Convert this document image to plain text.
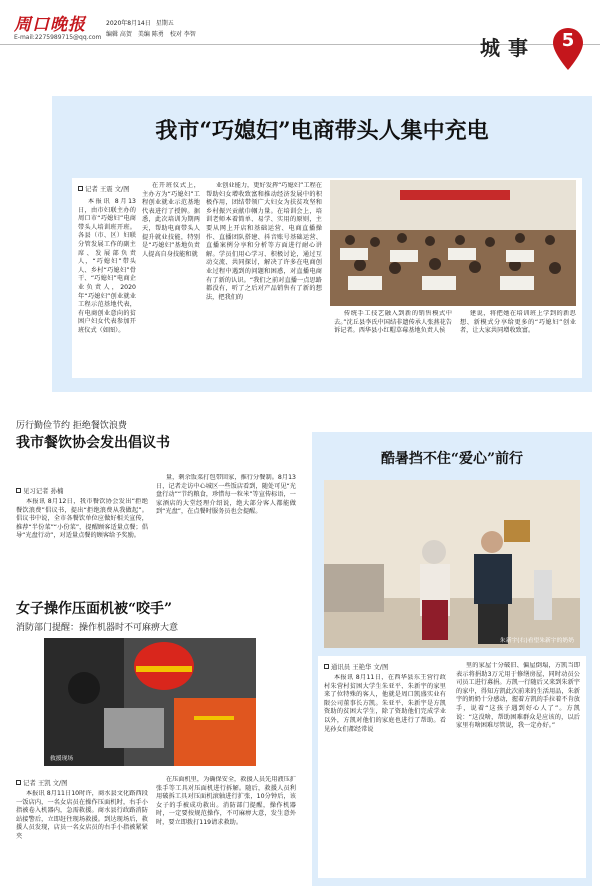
周口晚报
E-mail:2275989715@qq.com
2020年8月14日 星期五
编辑 高贺 美编 陈勇 校对 李智
城事	5
我市“巧媳妇”电商带头人集中充电
记者 王震 文/图

本报讯 8月13日，由市妇联主办的周口市“巧媳妇”电商带头人培训班开班。各县（市、区）妇联分管发展工作的副主席、发展部负责人，“巧媳妇”带头人、乡村“巧媳妇”骨干、“巧媳妇”电商企业负责人，2020年“巧媳妇”创业就业工程示范基地代表，有电商创业意向的贫困户妇女代表参加开班仪式（如图）。

在开班仪式上，主办方为“巧媳妇”工程创业就业示范基地代表进行了授牌。据悉，此次培训为期两天，帮助电商带头人提升就业技能，特别是“巧媳妇”基地负责人提高自身技能和就

业创业能力，更好发挥“巧媳妇”工程在帮助妇女增收致富和推动经济发展中的积极作用，团结带领广大妇女为扶贫攻坚和乡村振兴贡献巾帼力量。在培训会上，培训老师本着简单、易学、实用的原则，主要从网上开店和基础运营、电商直播操作、直播团队搭建、抖音账号基础运营、直播案例分享和分析等方面进行耐心讲解。学员们用心学习、积极讨论，通过互动交流、共同探讨，解决了许多在电商创业过程中遇到的问题和困惑，对直播电商有了新的认识。“我们之前对直播一点思路都没有，听了之后对产品销售有了新的想法，把我们的

传统手工技艺融入到新的销售模式中去。”沈丘县李氏中国结非遗传承人张燕花告诉记者。西华县小红帽草莓基地负责人侯

建说，将把她在培训班上学到的新思想、新模式分享给更多的“巧媳妇”创业者，让大家共同增收致富。

厉行勤俭节约 拒绝餐饮浪费
我市餐饮协会发出倡议书
见习记者 孙楠

本报讯 8月12日，我市餐饮协会发出“拒绝餐饮浪费”倡议书，提出“拒绝浪费从我做起”。倡议书中说，全市各餐饮单位应做好相关宣传，推荐“半份菜”“小份菜”，提醒顾客适量点餐；倡导“光盘行动”，对适量点餐的顾客给予奖励。

量，剩余饭菜打包带回家，推行分餐制。8月13日，记者走访中心城区一些饭店看到，随处可见“光盘行动”“节约粮食，珍惜每一粒米”等宣传标语，一家酒店的大堂经理介绍说，绝大部分客人都能做到“光盘”，在点餐时服务员也会提醒。

女子操作压面机被“咬手”
消防部门提醒：操作机器时不可麻痹大意
救援现场
记者 王凯 文/图

本报讯 8月11日10时许，商水县文化路西段一饭店内，一名女店员在操作压面机时，右手小指被卷入机器内，急需救援。商水县行政路消防站接警后，立即赶往现场救援。到达现场后，救援人员发现，店员一名女店员的右手小指被紧紧夹

在压面机里，为确保安全，救援人员先用液压扩张手等工具对压面机进行拆解。随后，救援人员利用破拆工具对压面机滚轴进行扩张，10分钟后，该女子的手被成功救出。消防部门提醒，操作机器时，一定要按规范操作，不可麻痹大意，发生意外时，要立即拨打119请求救助。

酷暑挡不住“爱心”前行
朱新宇(右)看望朱新宇的奶奶
通讯员 王艳华 文/图

本报讯 8月11日，在西华县东王营行政村朱营村贫困大学生朱亚平、朱新宇的家里来了位特殊的客人，他就是周口凯盛实业有限公司董事长方凯。朱亚平、朱新宇是方凯资助的贫困大学生，除了资助他们完成学业以外，方凯对他们的家庭也进行了帮助。看见孙女们都经常说

里的家屋十分破旧、偏屋倒塌，方凯当即表示将捐助3万元用于修缮房屋，同时动员公司员工进行募捐。方凯一行随后又来到朱新宇的家中，得知方凯此次前来的生活用品，朱新宇的奶奶十分感动，握着方凯的手拉着不肯放手，说着“这孩子遇到好心人了”。方凯说：“这没啥，帮助困难群众是应该的，以后家里有啥困难尽管说，我一定办好。”
